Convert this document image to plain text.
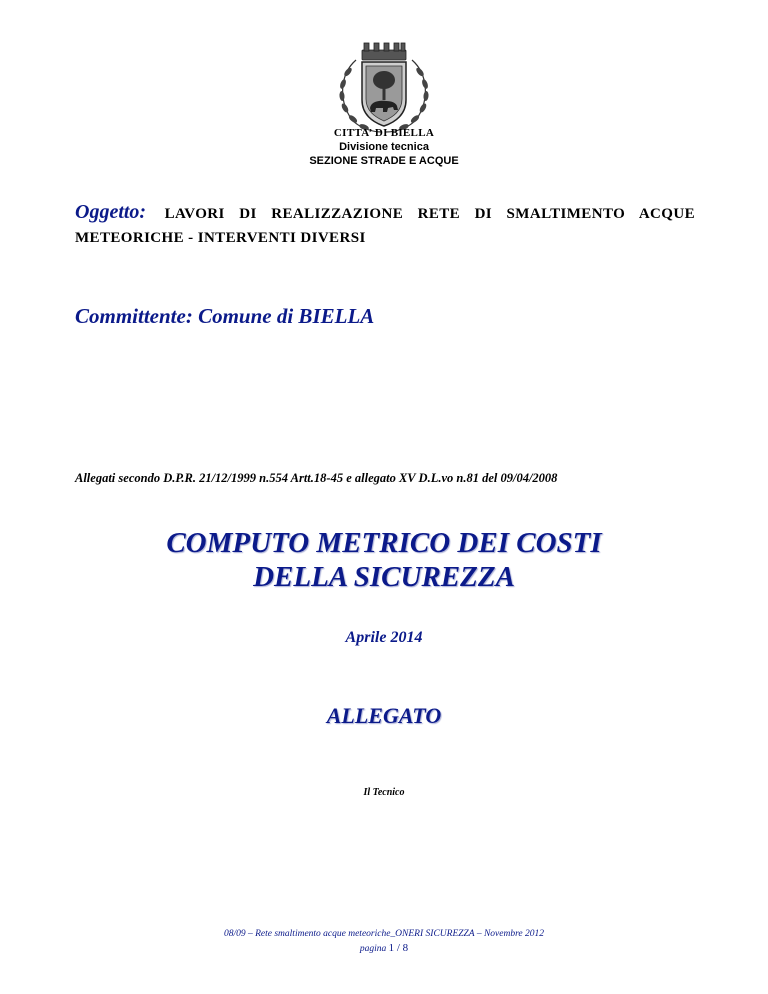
CITTA’ DI BIELLA
Divisione tecnica
SEZIONE STRADE E ACQUE
Oggetto: LAVORI DI REALIZZAZIONE RETE DI SMALTIMENTO ACQUE METEORICHE - INTERVENTI DIVERSI
Committente: Comune di BIELLA
Allegati secondo D.P.R. 21/12/1999 n.554 Artt.18-45 e allegato XV D.L.vo n.81 del 09/04/2008
COMPUTO METRICO DEI COSTI
DELLA SICUREZZA
Aprile 2014
ALLEGATO
Il Tecnico
08/09 – Rete smaltimento acque meteoriche_ONERI SICUREZZA – Novembre 2012
pagina 1 / 8
